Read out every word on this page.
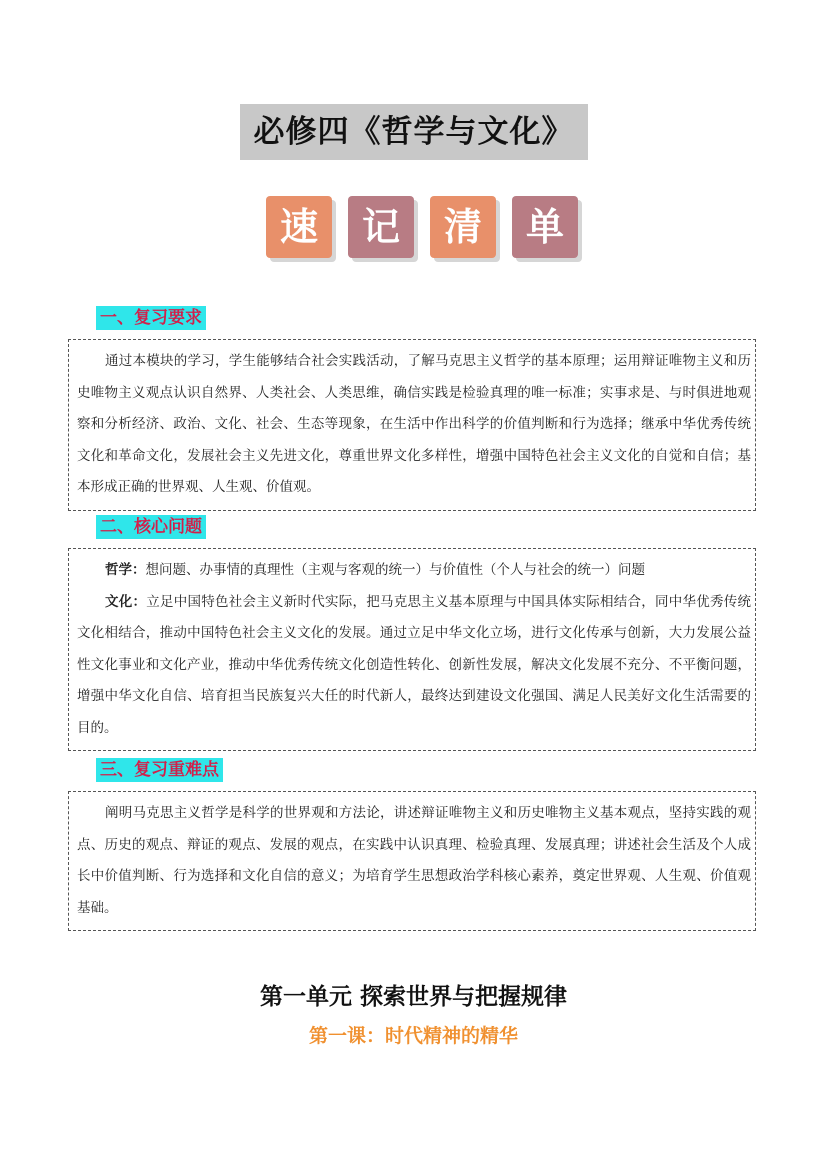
必修四《哲学与文化》
速	记	清	单
一、复习要求

通过本模块的学习，学生能够结合社会实践活动，了解马克思主义哲学的基本原理；运用辩证唯物主义和历史唯物主义观点认识自然界、人类社会、人类思维，确信实践是检验真理的唯一标准；实事求是、与时俱进地观察和分析经济、政治、文化、社会、生态等现象，在生活中作出科学的价值判断和行为选择；继承中华优秀传统文化和革命文化，发展社会主义先进文化，尊重世界文化多样性，增强中国特色社会主义文化的自觉和自信；基本形成正确的世界观、人生观、价值观。

二、核心问题

哲学：想问题、办事情的真理性（主观与客观的统一）与价值性（个人与社会的统一）问题

文化：立足中国特色社会主义新时代实际，把马克思主义基本原理与中国具体实际相结合，同中华优秀传统文化相结合，推动中国特色社会主义文化的发展。通过立足中华文化立场，进行文化传承与创新，大力发展公益性文化事业和文化产业，推动中华优秀传统文化创造性转化、创新性发展，解决文化发展不充分、不平衡问题，增强中华文化自信、培育担当民族复兴大任的时代新人，最终达到建设文化强国、满足人民美好文化生活需要的目的。

三、复习重难点

阐明马克思主义哲学是科学的世界观和方法论，讲述辩证唯物主义和历史唯物主义基本观点，坚持实践的观点、历史的观点、辩证的观点、发展的观点，在实践中认识真理、检验真理、发展真理；讲述社会生活及个人成长中价值判断、行为选择和文化自信的意义；为培育学生思想政治学科核心素养，奠定世界观、人生观、价值观基础。

第一单元 探索世界与把握规律
第一课：时代精神的精华
